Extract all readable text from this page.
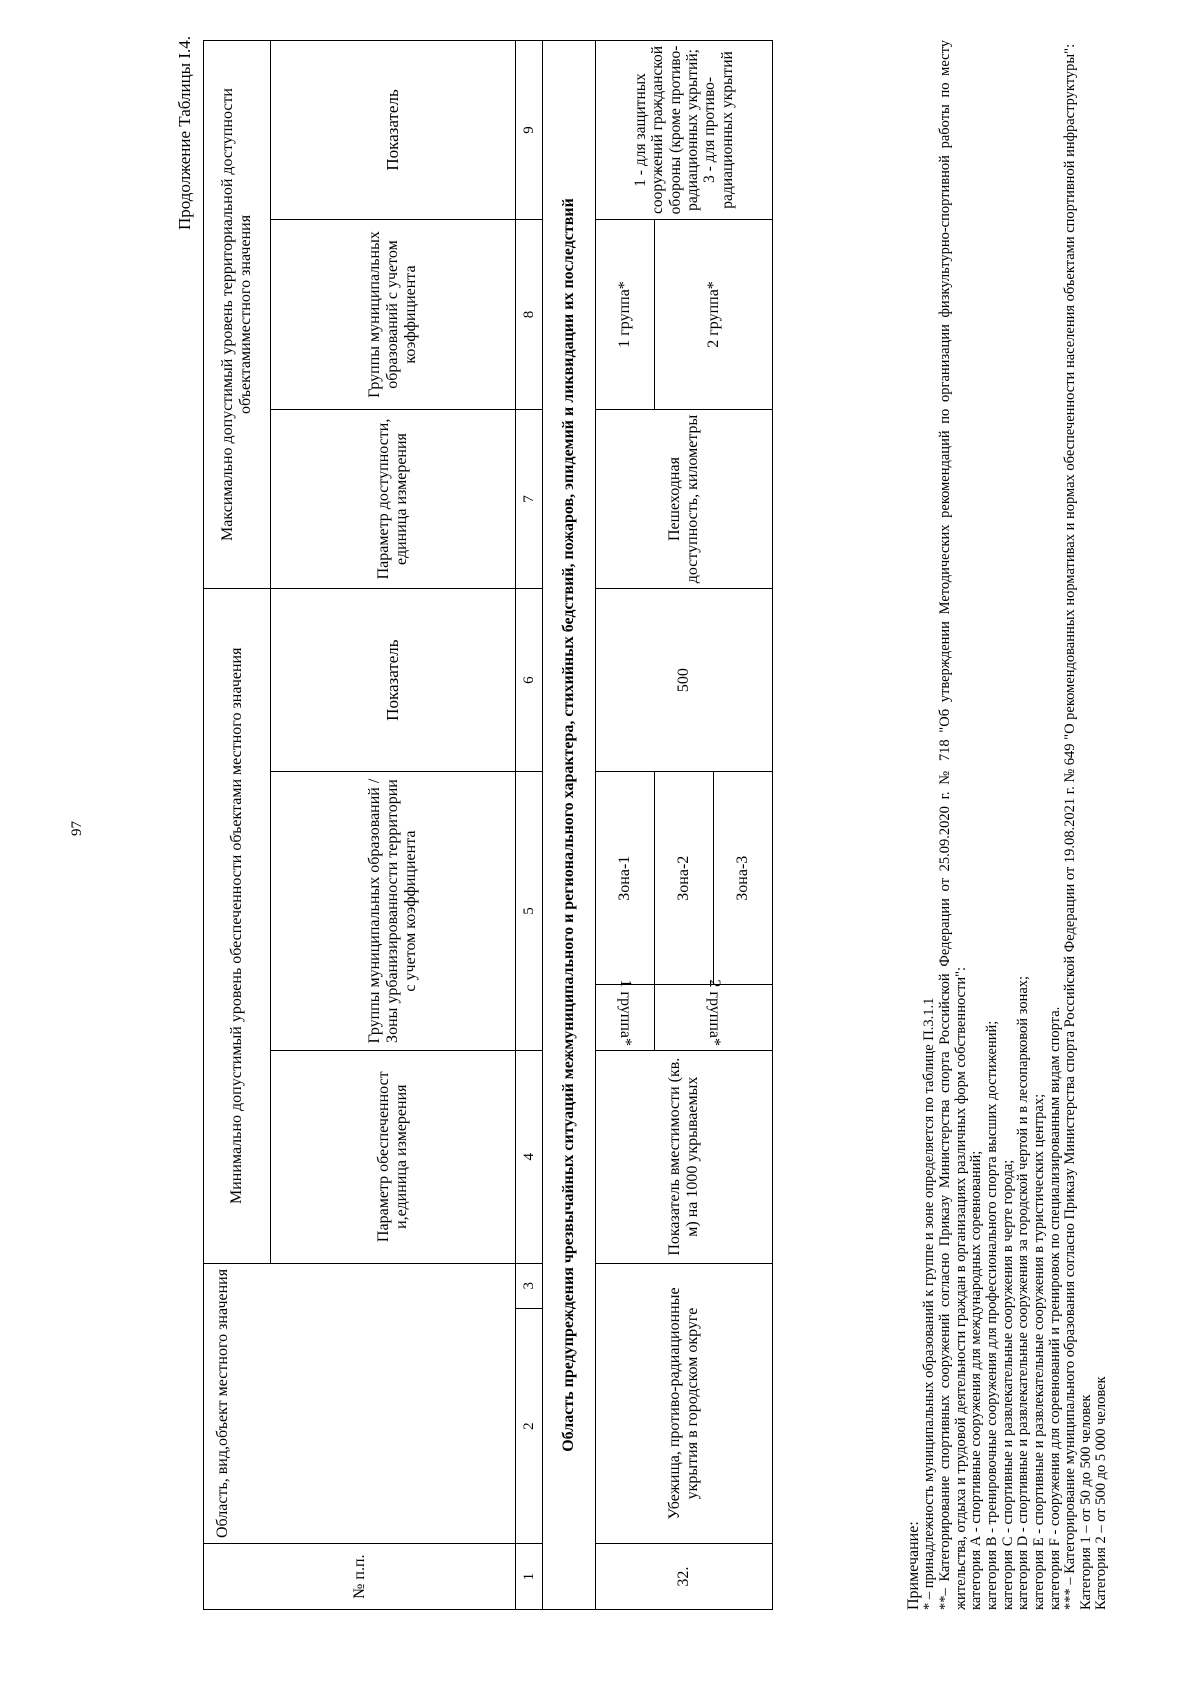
97
Продолжение Таблицы I.4.
№ п.п.	Область, вид,объект местного значения		Минимально допустимый уровень обеспеченности объектами местного значения				Максимально допустимый уровень территориальной доступности объектамиместного значения		
			Параметр обеспеченност и,единица измерения	Группы муниципальных образований / Зоны урбанизированности территории с учетом коэффициента		Показатель	Параметр доступности, единица измерения	Группы муниципальных образований с учетом коэффициента	Показатель
1	2	3	4	5		6	7	8	9
Область предупреждения чрезвычайных ситуаций межмуниципального и регионального характера, стихийных бедствий, пожаров, эпидемий и ликвидации их последствий									
32.	Убежища, противо-радиационные укрытия в городском округе		Показатель вместимости (кв. м) на 1000 укрываемых	1 группа*	Зона-1	500	Пешеходная доступность, километры	1 группа*	1 - для защитных сооружений гражданской обороны (кроме противо-радиационных укрытий; 3 - для противо-радиационных укрытий
				2 группа*	Зона-2			2 группа*	
					Зона-3				
Примечание: * – принадлежность муниципальных образований к группе и зоне определяется по таблице П.3.1.1 **– Категорирование спортивных сооружений согласно Приказу Министерства спорта Российской Федерации от 25.09.2020 г. № 718 "Об утверждении Методических рекомендаций по организации физкультурно-спортивной работы по месту жительства, отдыха и трудовой деятельности граждан в организациях различных форм собственности": категория А - спортивные сооружения для международных соревнований; категория B - тренировочные сооружения для профессионального спорта высших достижений; категория C - спортивные и развлекательные сооружения в черте города; категория D - спортивные и развлекательные сооружения за городской чертой и в лесопарковой зонах; категория E - спортивные и развлекательные сооружения в туристических центрах; категория F - сооружения для соревнований и тренировок по специализированным видам спорта. *** – Категорирование муниципального образования согласно Приказу Министерства спорта Российской Федерации от 19.08.2021 г. № 649 "О рекомендованных нормативах и нормах обеспеченности населения объектами спортивной инфраструктуры": Категория 1 – от 50 до 500 человек Категория 2 – от 500 до 5 000 человек
